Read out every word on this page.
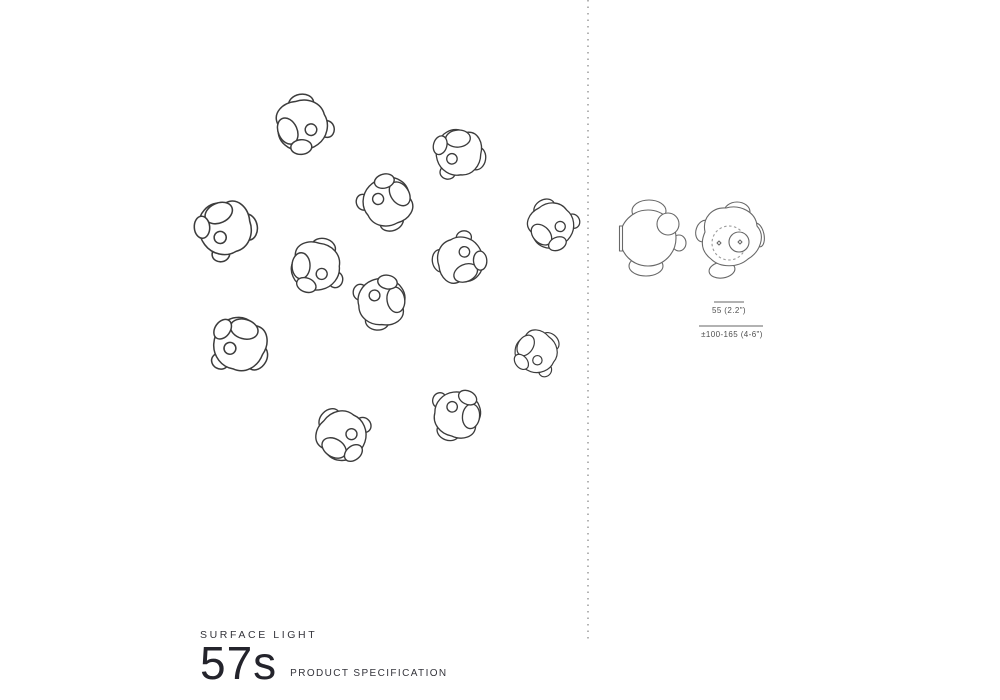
55 (2.2")
±100-165 (4-6")
SURFACE LIGHT
57s PRODUCT SPECIFICATION
